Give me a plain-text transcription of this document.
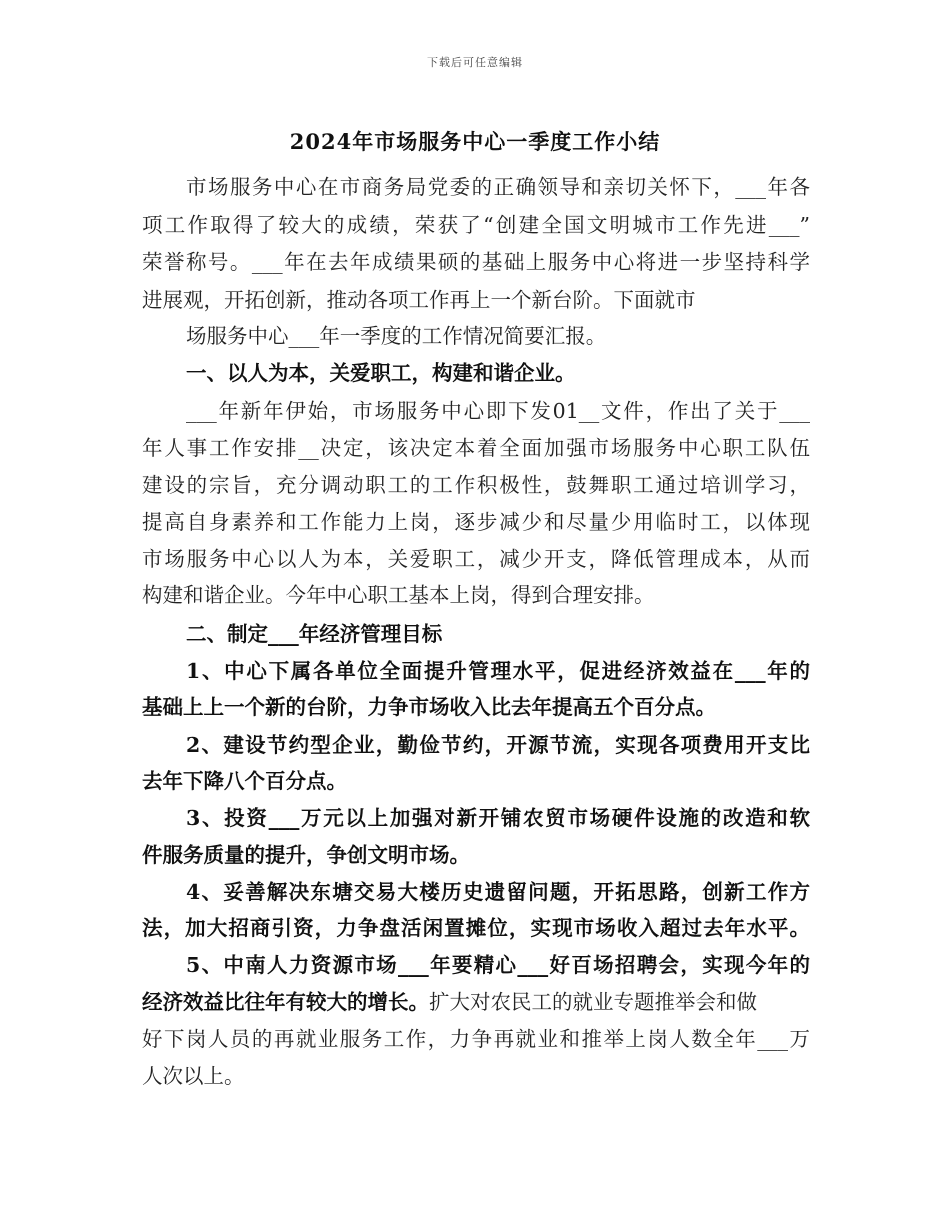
下载后可任意编辑
2024年市场服务中心一季度工作小结
市场服务中心在市商务局党委的正确领导和亲切关怀下，___年各
项工作取得了较大的成绩，荣获了“创建全国文明城市工作先进___”
荣誉称号。___年在去年成绩果硕的基础上服务中心将进一步坚持科学
进展观，开拓创新，推动各项工作再上一个新台阶。下面就市
场服务中心___年一季度的工作情况简要汇报。
一、以人为本，关爱职工，构建和谐企业。
___年新年伊始，市场服务中心即下发01__文件，作出了关于___
年人事工作安排__决定，该决定本着全面加强市场服务中心职工队伍
建设的宗旨，充分调动职工的工作积极性，鼓舞职工通过培训学习，
提高自身素养和工作能力上岗，逐步减少和尽量少用临时工，以体现
市场服务中心以人为本，关爱职工，减少开支，降低管理成本，从而
构建和谐企业。今年中心职工基本上岗，得到合理安排。
二、制定___年经济管理目标
1、中心下属各单位全面提升管理水平，促进经济效益在___年的
基础上上一个新的台阶，力争市场收入比去年提高五个百分点。
2、建设节约型企业，勤俭节约，开源节流，实现各项费用开支比
去年下降八个百分点。
3、投资___万元以上加强对新开铺农贸市场硬件设施的改造和软
件服务质量的提升，争创文明市场。
4、妥善解决东塘交易大楼历史遗留问题，开拓思路，创新工作方
法，加大招商引资，力争盘活闲置摊位，实现市场收入超过去年水平。
5、中南人力资源市场___年要精心___好百场招聘会，实现今年的
经济效益比往年有较大的增长。扩大对农民工的就业专题推举会和做
好下岗人员的再就业服务工作，力争再就业和推举上岗人数全年___万
人次以上。
